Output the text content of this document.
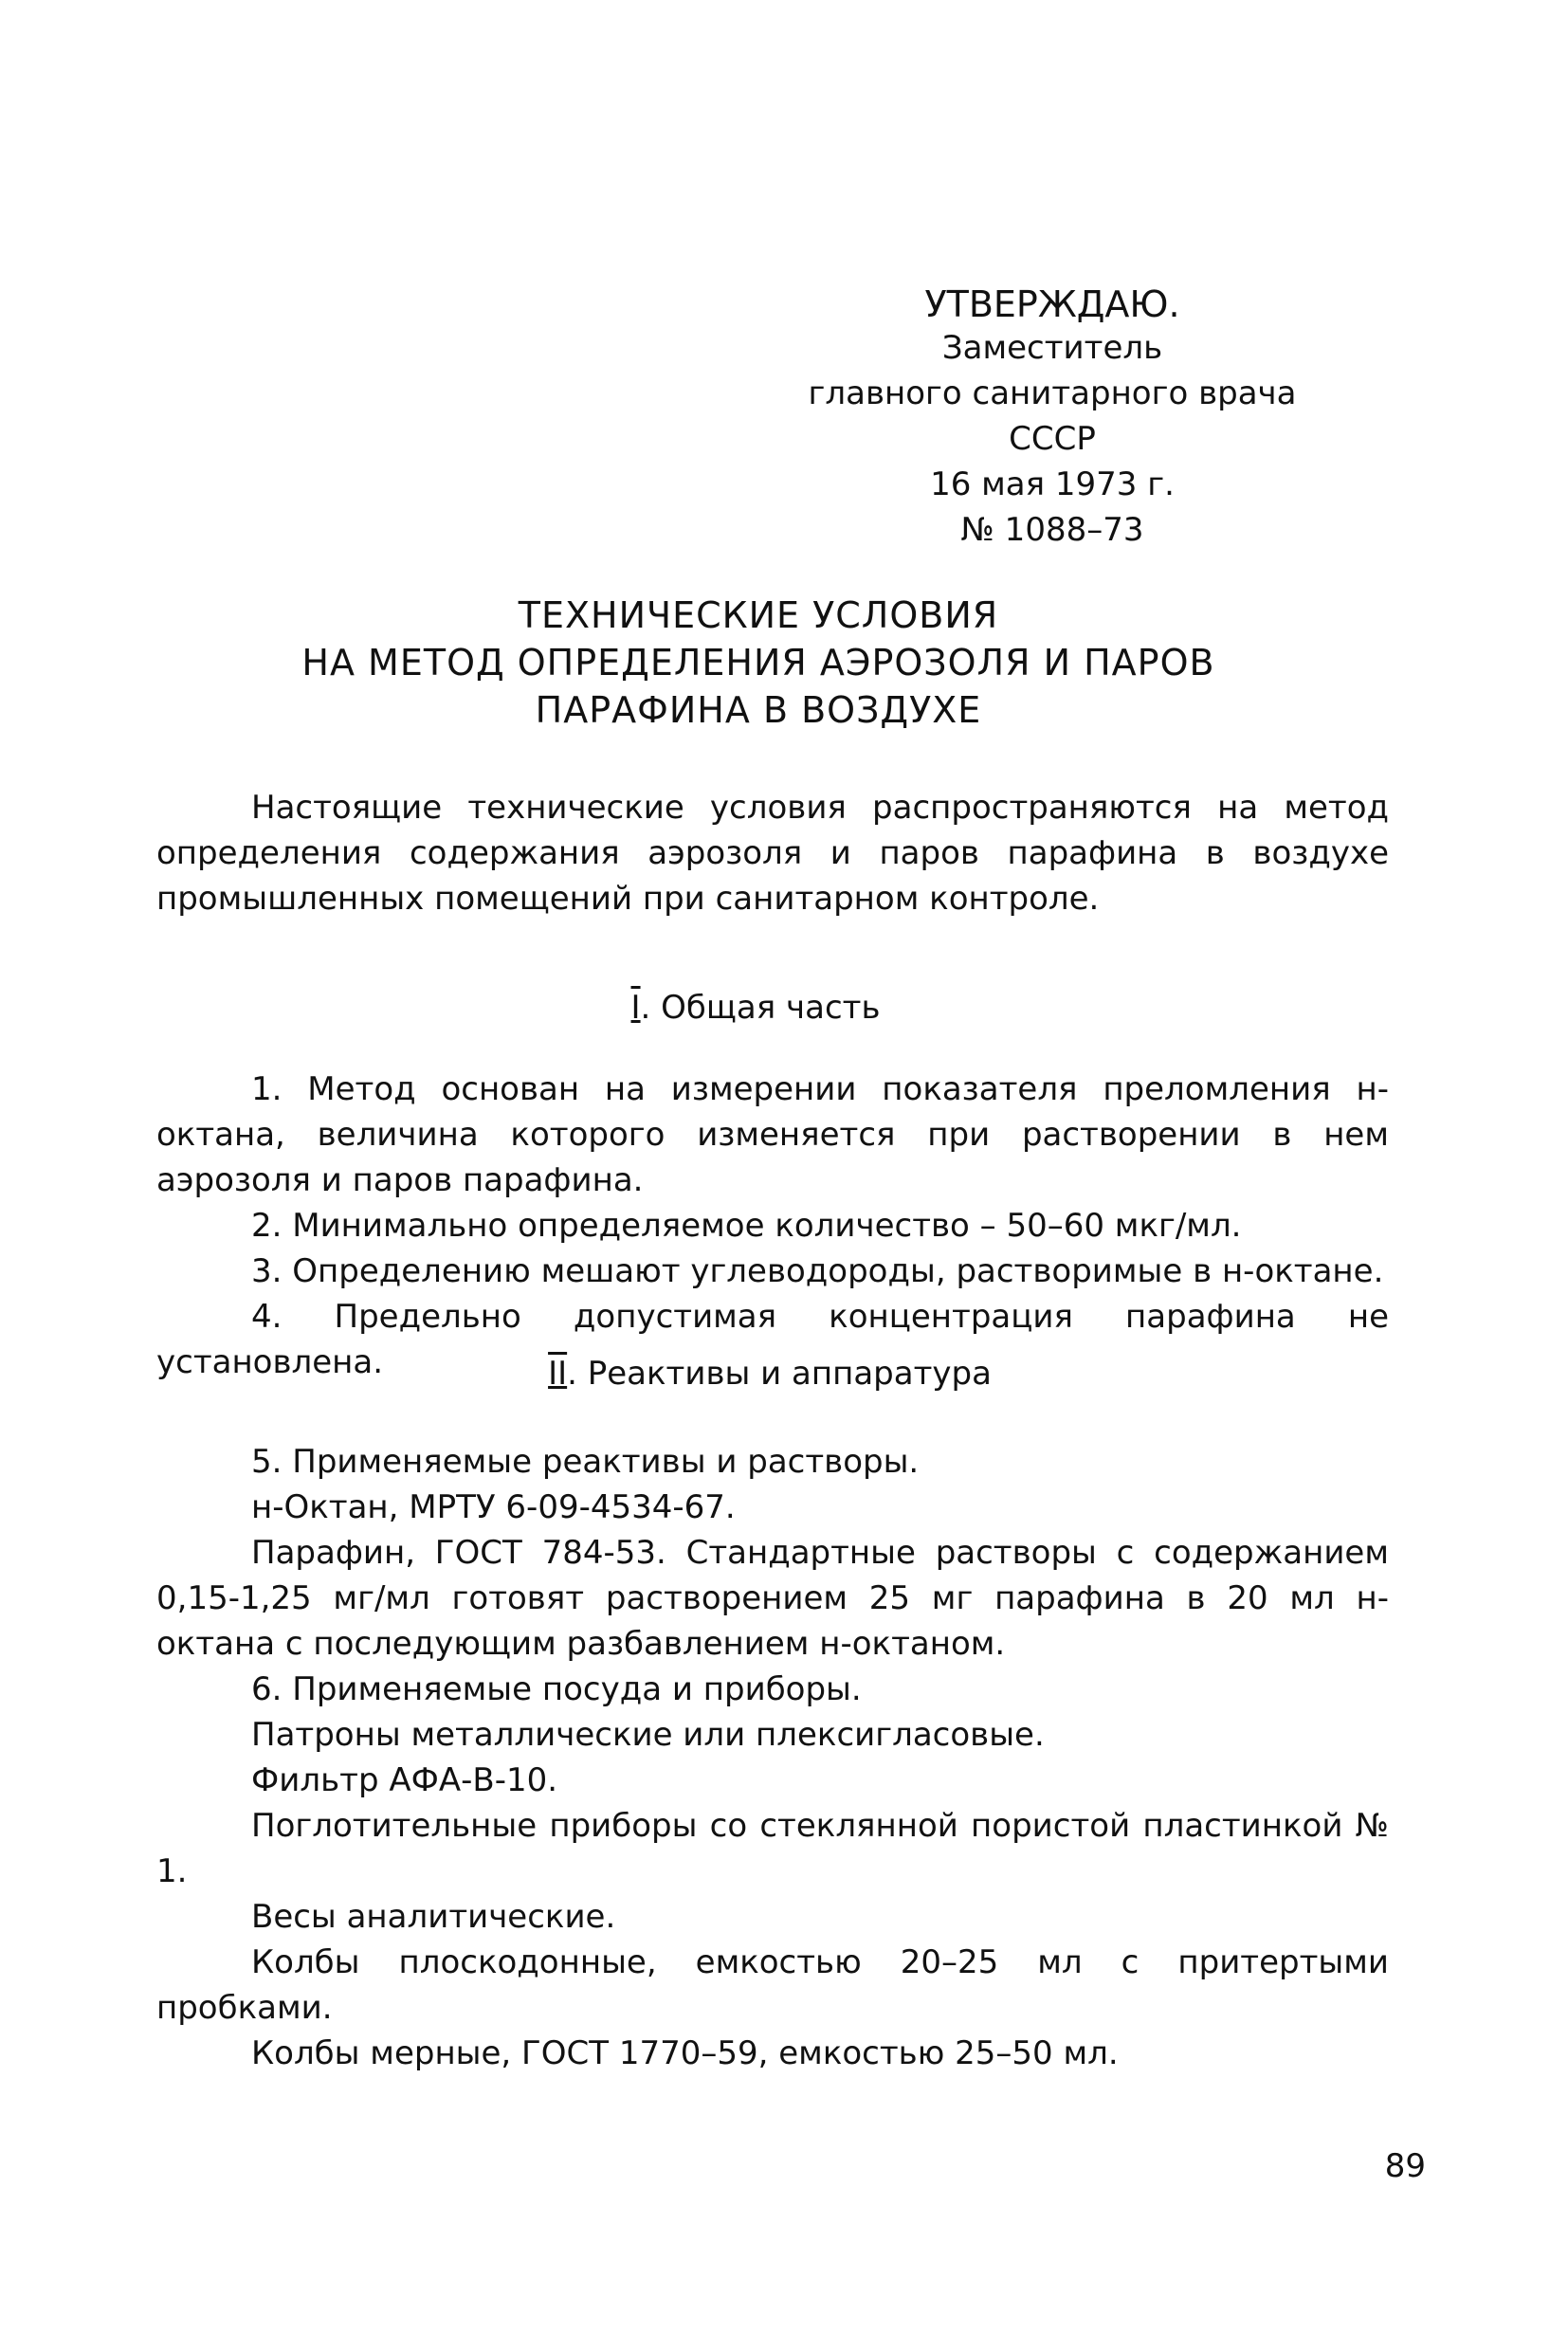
УТВЕРЖДАЮ.
Заместитель
главного санитарного врача
СССР
16 мая 1973 г.
№ 1088–73
ТЕХНИЧЕСКИЕ УСЛОВИЯ
НА МЕТОД ОПРЕДЕЛЕНИЯ АЭРОЗОЛЯ И ПАРОВ
ПАРАФИНА В ВОЗДУХЕ
Настоящие технические условия распространяются на метод определения содержания аэрозоля и паров парафина в воздухе промышленных помещений при санитарном контроле.
I. Общая часть
1. Метод основан на измерении показателя преломления н-октана, величина которого изменяется при растворении в нем аэрозоля и паров парафина.
2. Минимально определяемое количество – 50–60 мкг/мл.
3. Определению мешают углеводороды, растворимые в н-октане.
4. Предельно допустимая концентрация парафина не установлена.	II. Реактивы и аппаратура
5. Применяемые реактивы и растворы.
н-Октан, МРТУ 6-09-4534-67.
Парафин, ГОСТ 784-53. Стандартные растворы с содержанием 0,15-1,25 мг/мл готовят растворением 25 мг парафина в 20 мл н-октана с последующим разбавлением н-октаном.
6. Применяемые посуда и приборы.
Патроны металлические или плексигласовые.
Фильтр АФА-В-10.
Поглотительные приборы со стеклянной пористой пластинкой № 1.
Весы аналитические.
Колбы плоскодонные, емкостью 20–25 мл с притертыми пробками.
Колбы мерные, ГОСТ 1770–59, емкостью 25–50 мл.
89
